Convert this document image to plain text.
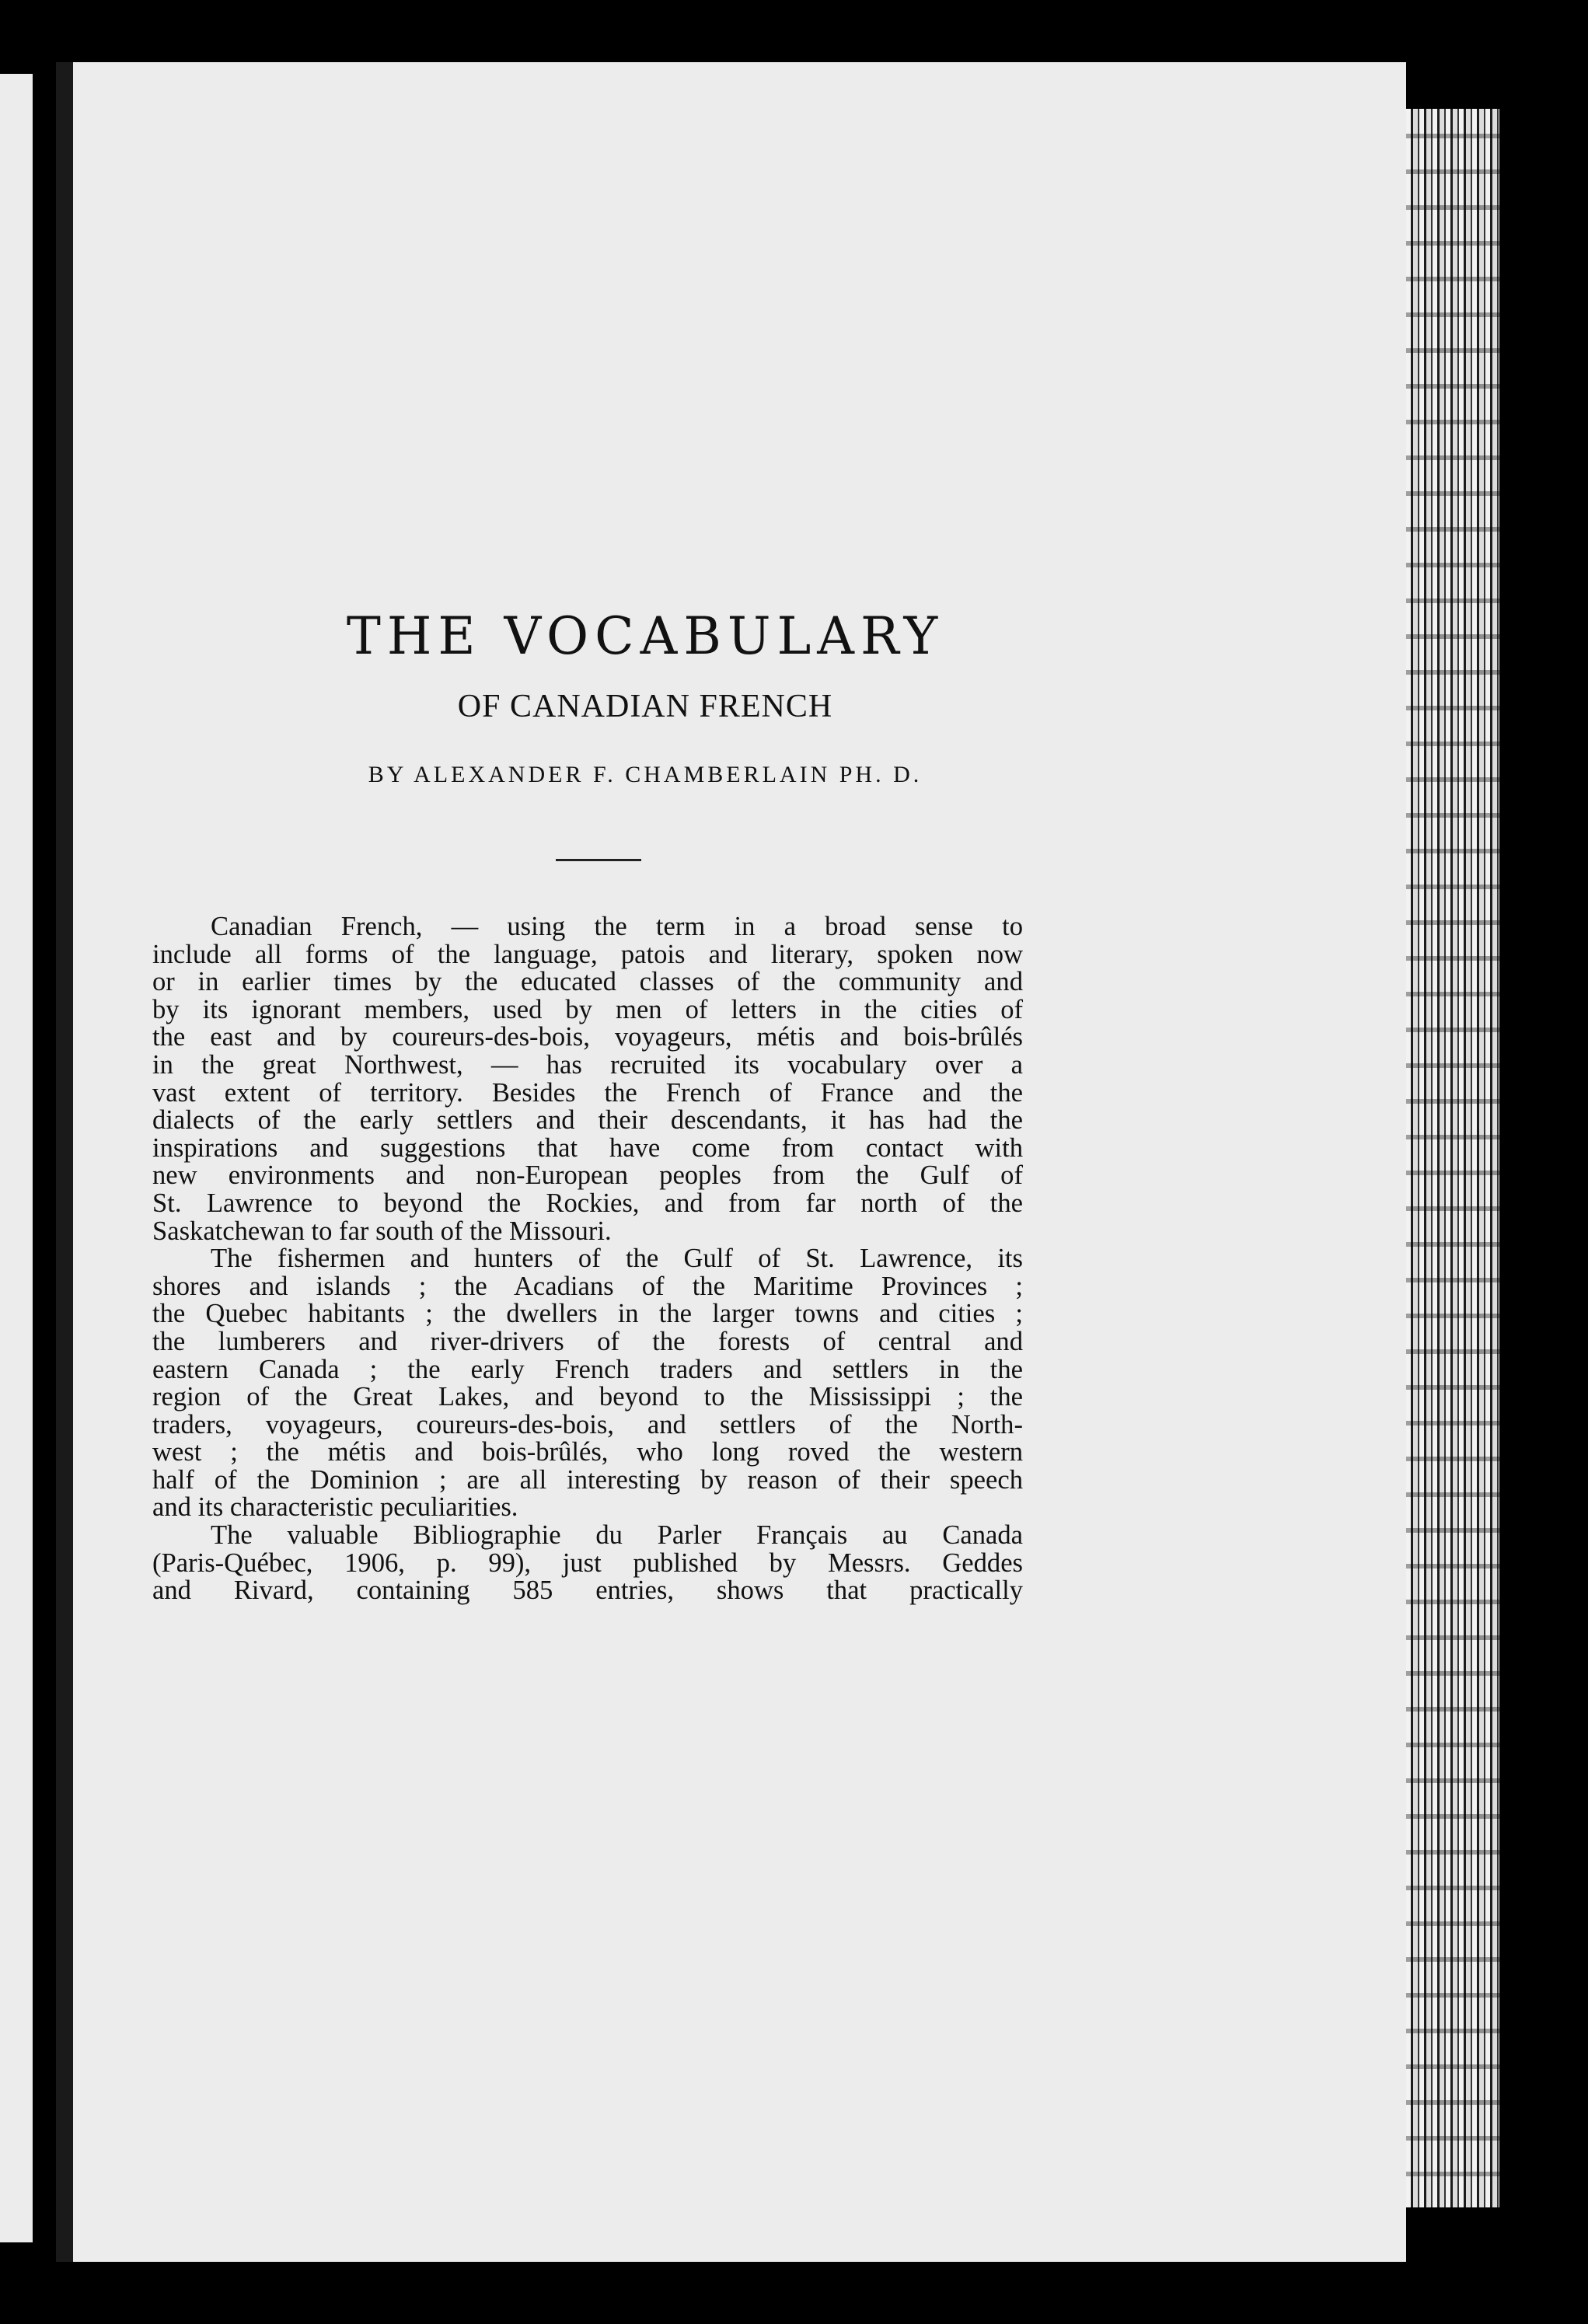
THE VOCABULARY
OF CANADIAN FRENCH
BY ALEXANDER F. CHAMBERLAIN PH. D.
Canadian French, — using the term in a broad sense to
include all forms of the language, patois and literary, spoken now
or in earlier times by the educated classes of the community and
by its ignorant members, used by men of letters in the cities of
the east and by coureurs-des-bois, voyageurs, métis and bois-brûlés
in the great Northwest, — has recruited its vocabulary over a
vast extent of territory. Besides the French of France and the
dialects of the early settlers and their descendants, it has had the
inspirations and suggestions that have come from contact with
new environments and non-European peoples from the Gulf of
St. Lawrence to beyond the Rockies, and from far north of the
Saskatchewan to far south of the Missouri.
The fishermen and hunters of the Gulf of St. Lawrence, its
shores and islands ; the Acadians of the Maritime Provinces ;
the Quebec habitants ; the dwellers in the larger towns and cities ;
the lumberers and river-drivers of the forests of central and
eastern Canada ; the early French traders and settlers in the
region of the Great Lakes, and beyond to the Mississippi ; the
traders, voyageurs, coureurs-des-bois, and settlers of the North-
west ; the métis and bois-brûlés, who long roved the western
half of the Dominion ; are all interesting by reason of their speech
and its characteristic peculiarities.
The valuable Bibliographie du Parler Français au Canada
(Paris-Québec, 1906, p. 99), just published by Messrs. Geddes
and Rivard, containing 585 entries, shows that practically
